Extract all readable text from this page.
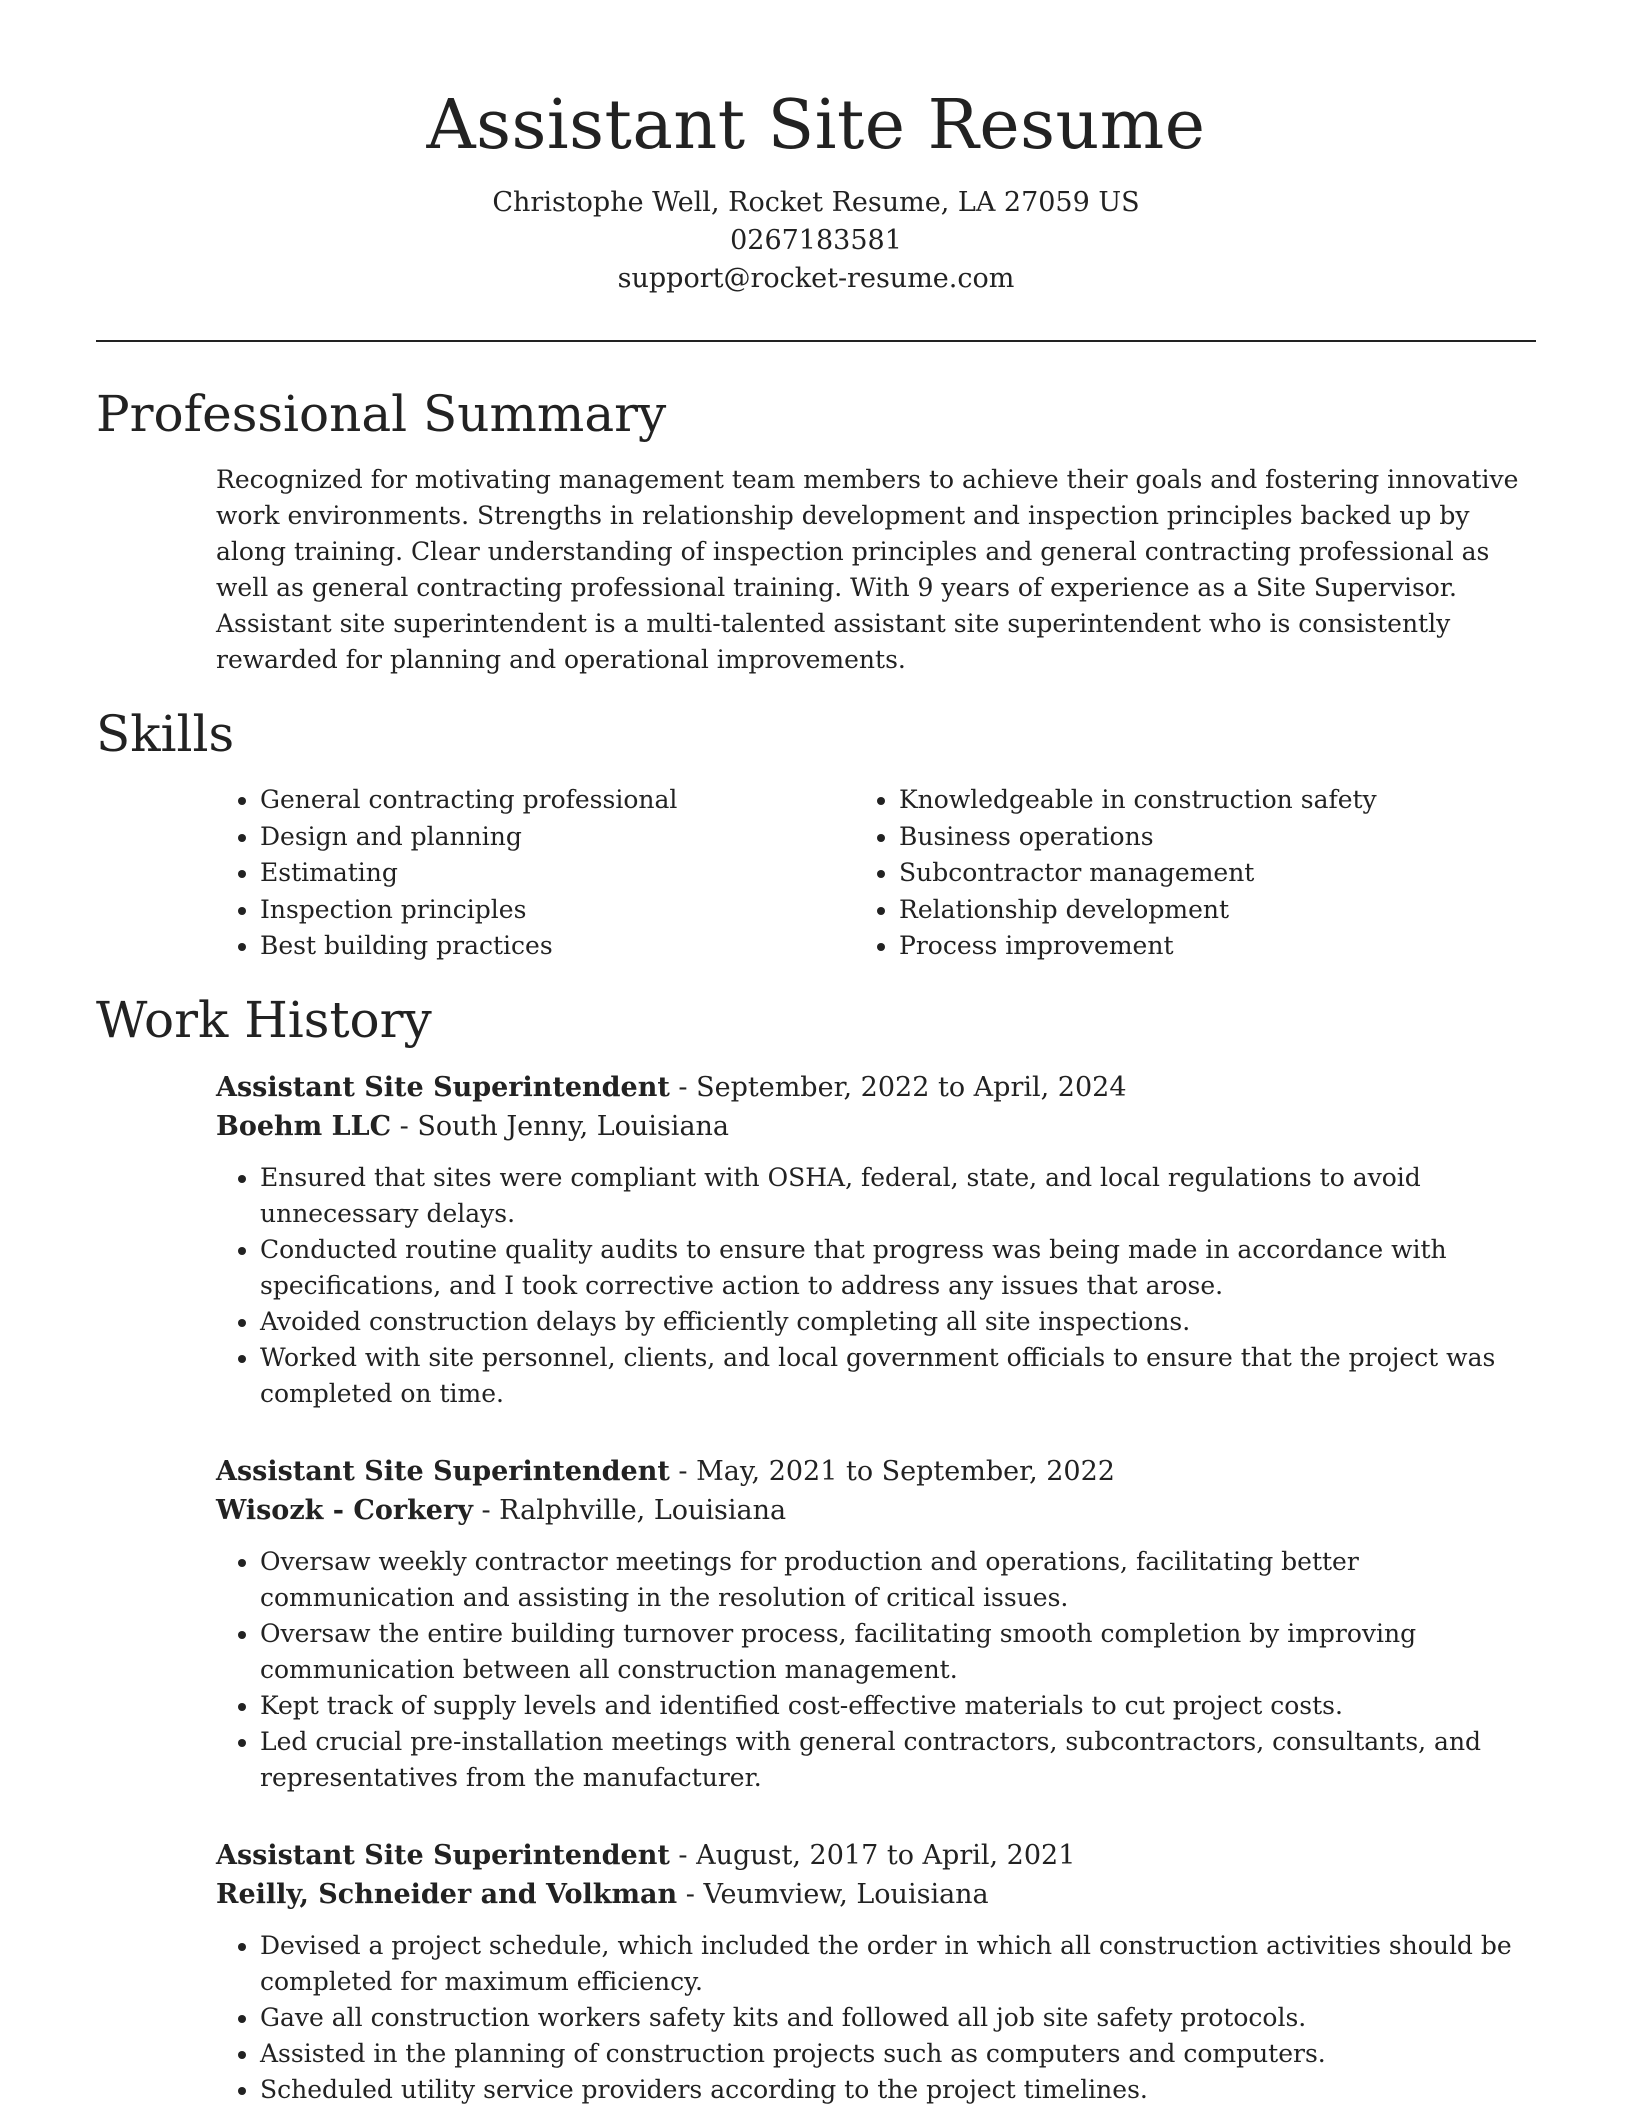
Assistant Site Resume
Christophe Well, Rocket Resume, LA 27059 US
0267183581
support@rocket-resume.com
Professional Summary

Recognized for motivating management team members to achieve their goals and fostering innovative work environments. Strengths in relationship development and inspection principles backed up by along training. Clear understanding of inspection principles and general contracting professional as well as general contracting professional training. With 9 years of experience as a Site Supervisor. Assistant site superintendent is a multi-talented assistant site superintendent who is consistently rewarded for planning and operational improvements.

Skills
• General contracting professional
• Design and planning
• Estimating
• Inspection principles
• Best building practices
• Knowledgeable in construction safety
• Business operations
• Subcontractor management
• Relationship development
• Process improvement
Work History
Assistant Site Superintendent - September, 2022 to April, 2024
Boehm LLC - South Jenny, Louisiana
• Ensured that sites were compliant with OSHA, federal, state, and local regulations to avoid unnecessary delays.
• Conducted routine quality audits to ensure that progress was being made in accordance with specifications, and I took corrective action to address any issues that arose.
• Avoided construction delays by efficiently completing all site inspections.
• Worked with site personnel, clients, and local government officials to ensure that the project was completed on time.
Assistant Site Superintendent - May, 2021 to September, 2022
Wisozk - Corkery - Ralphville, Louisiana
• Oversaw weekly contractor meetings for production and operations, facilitating better communication and assisting in the resolution of critical issues.
• Oversaw the entire building turnover process, facilitating smooth completion by improving communication between all construction management.
• Kept track of supply levels and identified cost-effective materials to cut project costs.
• Led crucial pre-installation meetings with general contractors, subcontractors, consultants, and representatives from the manufacturer.
Assistant Site Superintendent - August, 2017 to April, 2021
Reilly, Schneider and Volkman - Veumview, Louisiana
• Devised a project schedule, which included the order in which all construction activities should be completed for maximum efficiency.
• Gave all construction workers safety kits and followed all job site safety protocols.
• Assisted in the planning of construction projects such as computers and computers.
• Scheduled utility service providers according to the project timelines.
